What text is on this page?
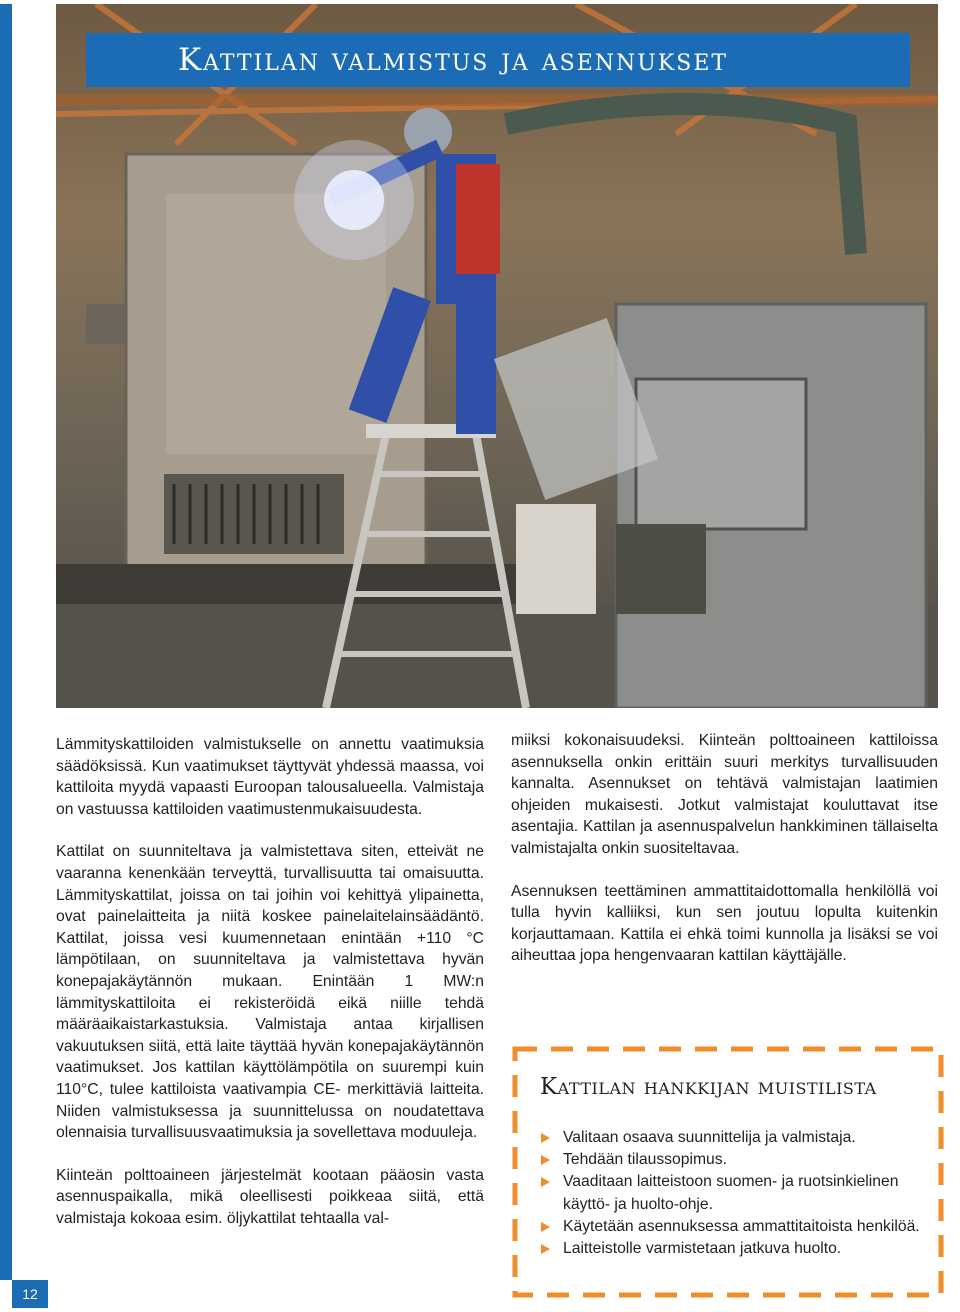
Kattilan valmistus ja asennukset
12

Lämmityskattiloiden valmistukselle on annettu vaatimuksia säädöksissä. Kun vaatimukset täyttyvät yhdessä maassa, voi kattiloita myydä vapaasti Euroopan talousalueella. Valmistaja on vastuussa kattiloiden vaatimustenmukaisuudesta.

Kattilat on suunniteltava ja valmistettava siten, etteivät ne vaaranna kenenkään terveyttä, turvallisuutta tai omaisuutta. Lämmityskattilat, joissa on tai joihin voi kehittyä ylipainetta, ovat painelaitteita ja niitä koskee painelaitelainsäädäntö. Kattilat, joissa vesi kuumennetaan enintään +110 °C lämpötilaan, on suunniteltava ja valmistettava hyvän konepajakäytännön mukaan. Enintään 1 MW:n lämmityskattiloita ei rekisteröidä eikä niille tehdä määräaikaistarkastuksia. Valmistaja antaa kirjallisen vakuutuksen siitä, että laite täyttää hyvän konepajakäytännön vaatimukset. Jos kattilan käyttölämpötila on suurempi kuin 110°C, tulee kattiloista vaativampia CE- merkittäviä laitteita. Niiden valmistuksessa ja suunnittelussa on noudatettava olennaisia turvallisuusvaatimuksia ja sovellettava moduuleja.

Kiinteän polttoaineen järjestelmät kootaan pääosin vasta asennuspaikalla, mikä oleellisesti poikkeaa siitä, että valmistaja kokoaa esim. öljykattilat tehtaalla val-

miiksi kokonaisuudeksi. Kiinteän polttoaineen kattiloissa asennuksella onkin erittäin suuri merkitys turvallisuuden kannalta. Asennukset on tehtävä valmistajan laatimien ohjeiden mukaisesti. Jotkut valmistajat kouluttavat itse asentajia. Kattilan ja asennuspalvelun hankkiminen tällaiselta valmistajalta onkin suositeltavaa.

Asennuksen teettäminen ammattitaidottomalla henkilöllä voi tulla hyvin kalliiksi, kun sen joutuu lopulta kuitenkin korjauttamaan. Kattila ei ehkä toimi kunnolla ja lisäksi se voi aiheuttaa jopa hengenvaaran kattilan käyttäjälle.

Kattilan hankkijan muistilista
Valitaan osaava suunnittelija ja valmistaja.
Tehdään tilaussopimus.
Vaaditaan laitteistoon suomen- ja ruotsinkielinen käyttö- ja huolto-ohje.
Käytetään asennuksessa ammattitaitoista henkilöä.
Laitteistolle varmistetaan jatkuva huolto.
